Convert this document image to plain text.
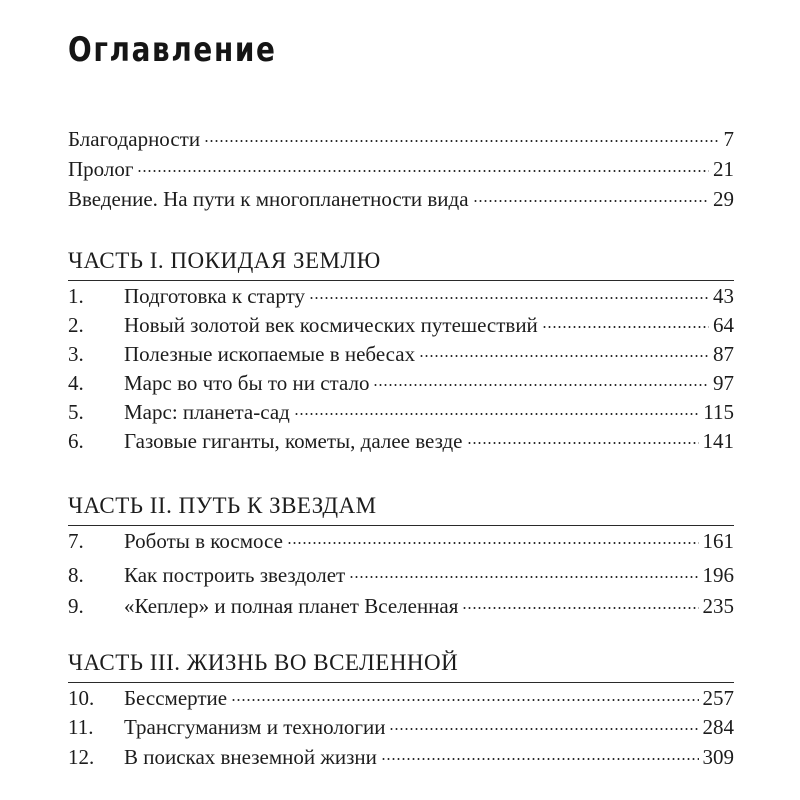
Оглавление
Благодарности	7
Пролог	21
Введение. На пути к многопланетности вида	29
ЧАСТЬ I. ПОКИДАЯ ЗЕМЛЮ
1.	Подготовка к старту	43
2.	Новый золотой век космических путешествий	64
3.	Полезные ископаемые в небесах	87
4.	Марс во что бы то ни стало	97
5.	Марс: планета-сад	115
6.	Газовые гиганты, кометы, далее везде	141
ЧАСТЬ II. ПУТЬ К ЗВЕЗДАМ
7.	Роботы в космосе	161
8.	Как построить звездолет	196
9.	«Кеплер» и полная планет Вселенная	235
ЧАСТЬ III. ЖИЗНЬ ВО ВСЕЛЕННОЙ
10.	Бессмертие	257
11.	Трансгуманизм и технологии	284
12.	В поисках внеземной жизни	309
